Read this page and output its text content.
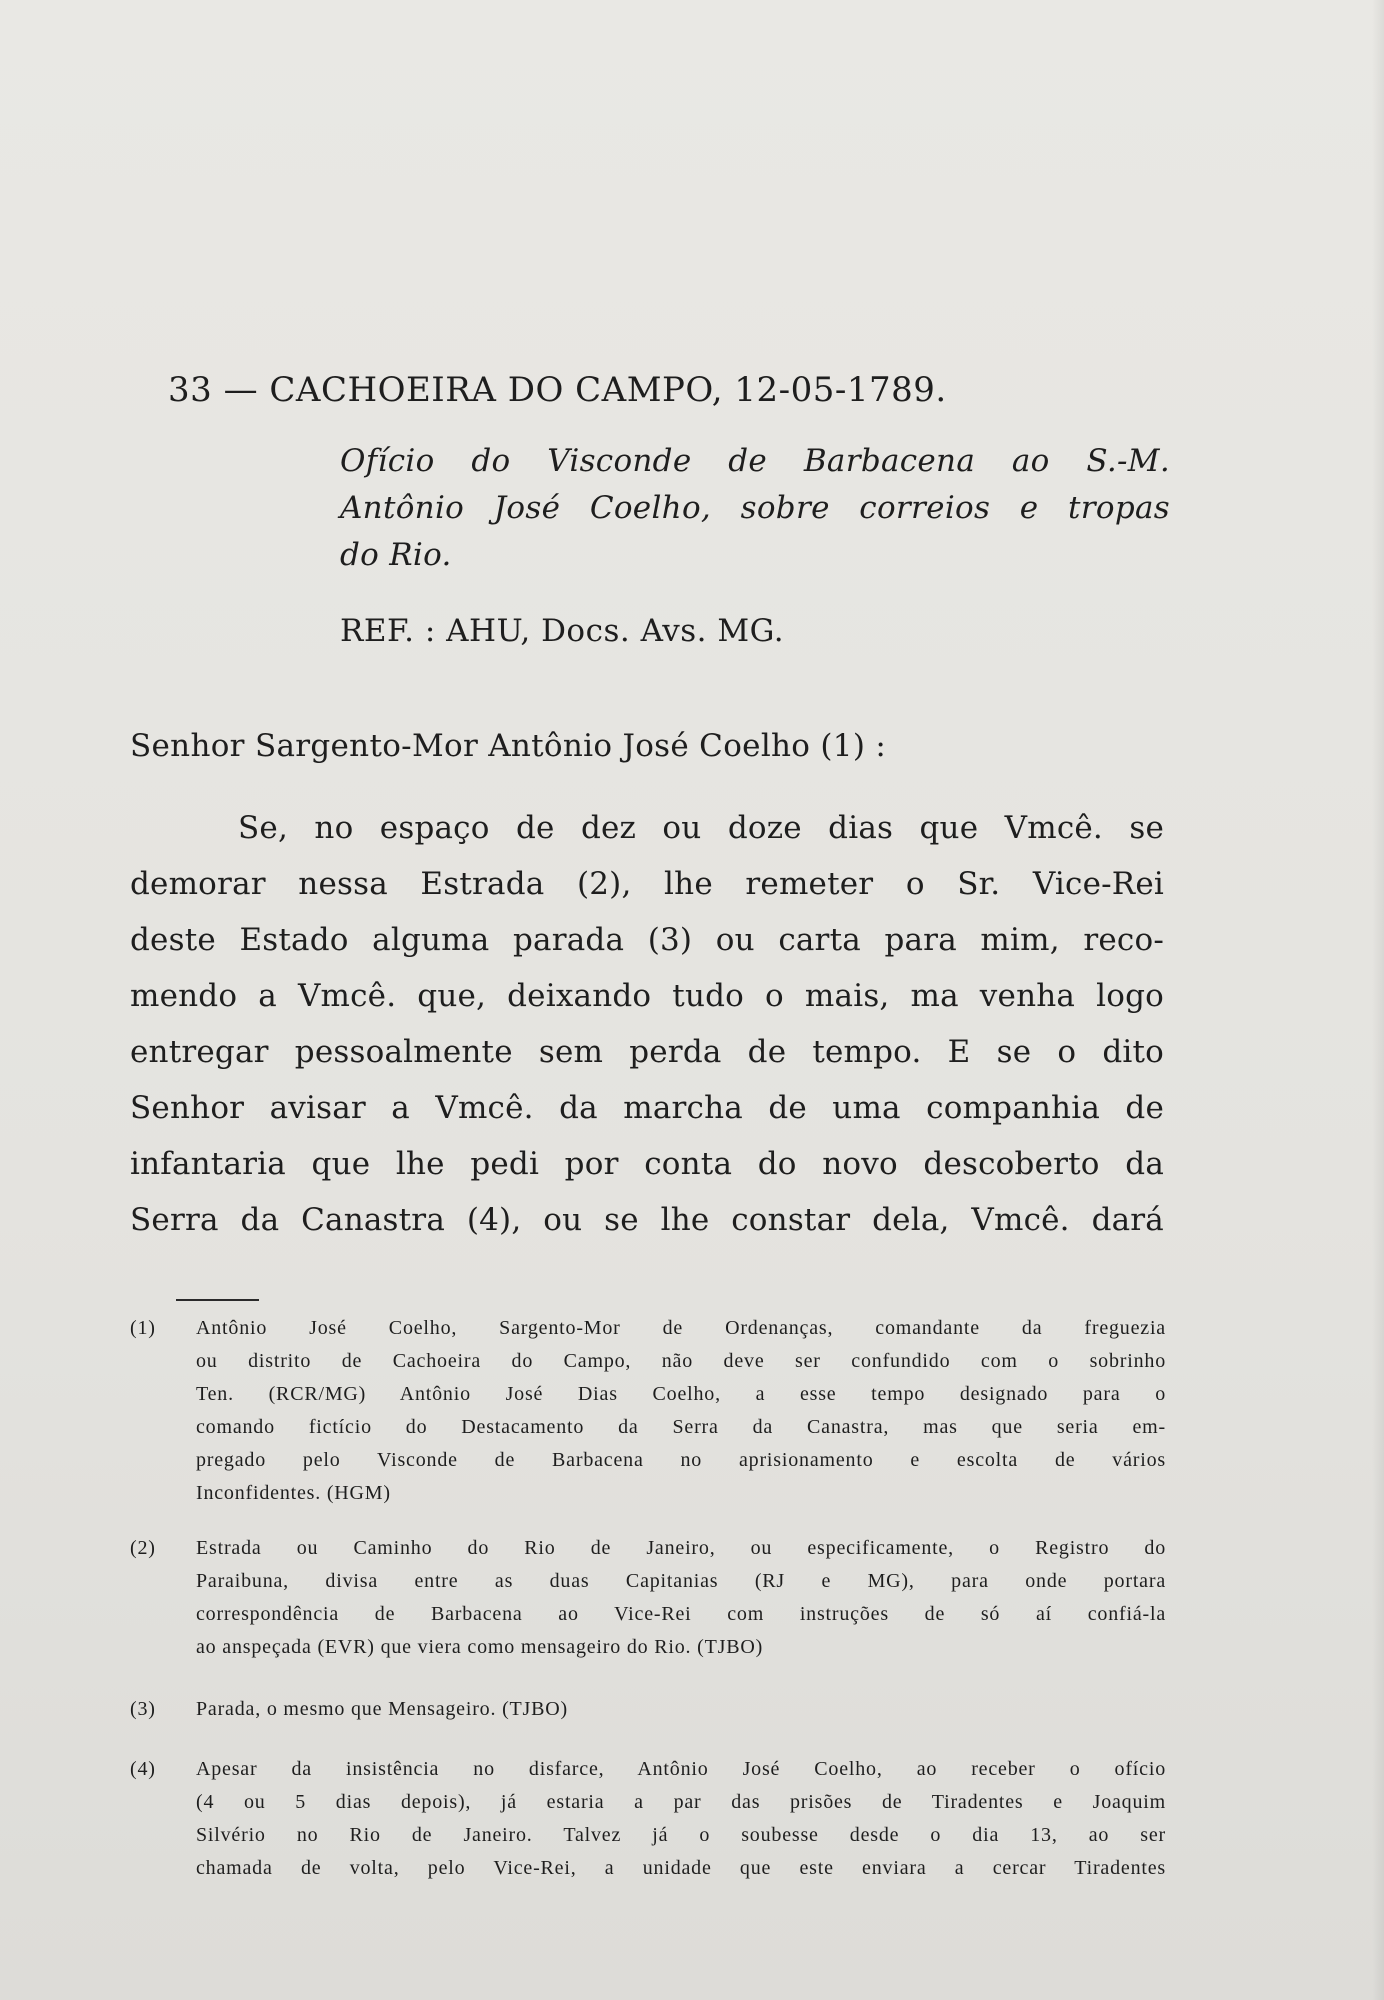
33 — CACHOEIRA DO CAMPO, 12-05-1789.
Ofício do Visconde de Barbacena ao S.-M.
Antônio José Coelho, sobre correios e tropas
do Rio.
REF. : AHU, Docs. Avs. MG.
Senhor Sargento-Mor Antônio José Coelho (1) :
Se, no espaço de dez ou doze dias que Vmcê. se
demorar nessa Estrada (2), lhe remeter o Sr. Vice-Rei
deste Estado alguma parada (3) ou carta para mim, reco-
mendo a Vmcê. que, deixando tudo o mais, ma venha logo
entregar pessoalmente sem perda de tempo. E se o dito
Senhor avisar a Vmcê. da marcha de uma companhia de
infantaria que lhe pedi por conta do novo descoberto da
Serra da Canastra (4), ou se lhe constar dela, Vmcê. dará
(1)	Antônio José Coelho, Sargento-Mor de Ordenanças, comandante da freguezia
ou distrito de Cachoeira do Campo, não deve ser confundido com o sobrinho
Ten. (RCR/MG) Antônio José Dias Coelho, a esse tempo designado para o
comando fictício do Destacamento da Serra da Canastra, mas que seria em-
pregado pelo Visconde de Barbacena no aprisionamento e escolta de vários
Inconfidentes. (HGM)
(2)	Estrada ou Caminho do Rio de Janeiro, ou especificamente, o Registro do
Paraibuna, divisa entre as duas Capitanias (RJ e MG), para onde portara
correspondência de Barbacena ao Vice-Rei com instruções de só aí confiá-la
ao anspeçada (EVR) que viera como mensageiro do Rio. (TJBO)
(3)	Parada, o mesmo que Mensageiro. (TJBO)
(4)	Apesar da insistência no disfarce, Antônio José Coelho, ao receber o ofício
(4 ou 5 dias depois), já estaria a par das prisões de Tiradentes e Joaquim
Silvério no Rio de Janeiro. Talvez já o soubesse desde o dia 13, ao ser
chamada de volta, pelo Vice-Rei, a unidade que este enviara a cercar Tiradentes
